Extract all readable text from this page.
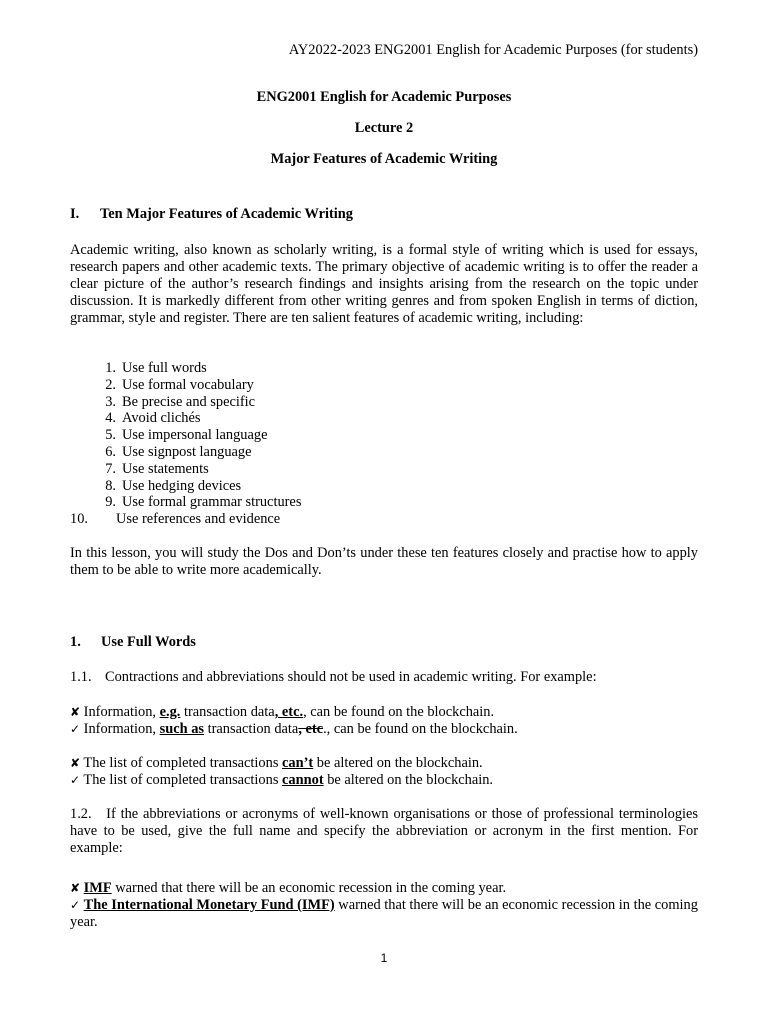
AY2022-2023 ENG2001 English for Academic Purposes (for students)
ENG2001 English for Academic Purposes
Lecture 2
Major Features of Academic Writing
I. Ten Major Features of Academic Writing
Academic writing, also known as scholarly writing, is a formal style of writing which is used for essays, research papers and other academic texts. The primary objective of academic writing is to offer the reader a clear picture of the author’s research findings and insights arising from the research on the topic under discussion. It is markedly different from other writing genres and from spoken English in terms of diction, grammar, style and register. There are ten salient features of academic writing, including:
1. Use full words
2. Use formal vocabulary
3. Be precise and specific
4. Avoid clichés
5. Use impersonal language
6. Use signpost language
7. Use statements
8. Use hedging devices
9. Use formal grammar structures
10. Use references and evidence
In this lesson, you will study the Dos and Don’ts under these ten features closely and practise how to apply them to be able to write more academically.
1. Use Full Words
1.1. Contractions and abbreviations should not be used in academic writing. For example:
✘ Information, e.g. transaction data, etc., can be found on the blockchain.
✓ Information, such as transaction data, etc., can be found on the blockchain.
✘ The list of completed transactions can’t be altered on the blockchain.
✓ The list of completed transactions cannot be altered on the blockchain.
1.2. If the abbreviations or acronyms of well-known organisations or those of professional terminologies have to be used, give the full name and specify the abbreviation or acronym in the first mention. For example:
✘ IMF warned that there will be an economic recession in the coming year.
✓ The International Monetary Fund (IMF) warned that there will be an economic recession in the coming year.
1
